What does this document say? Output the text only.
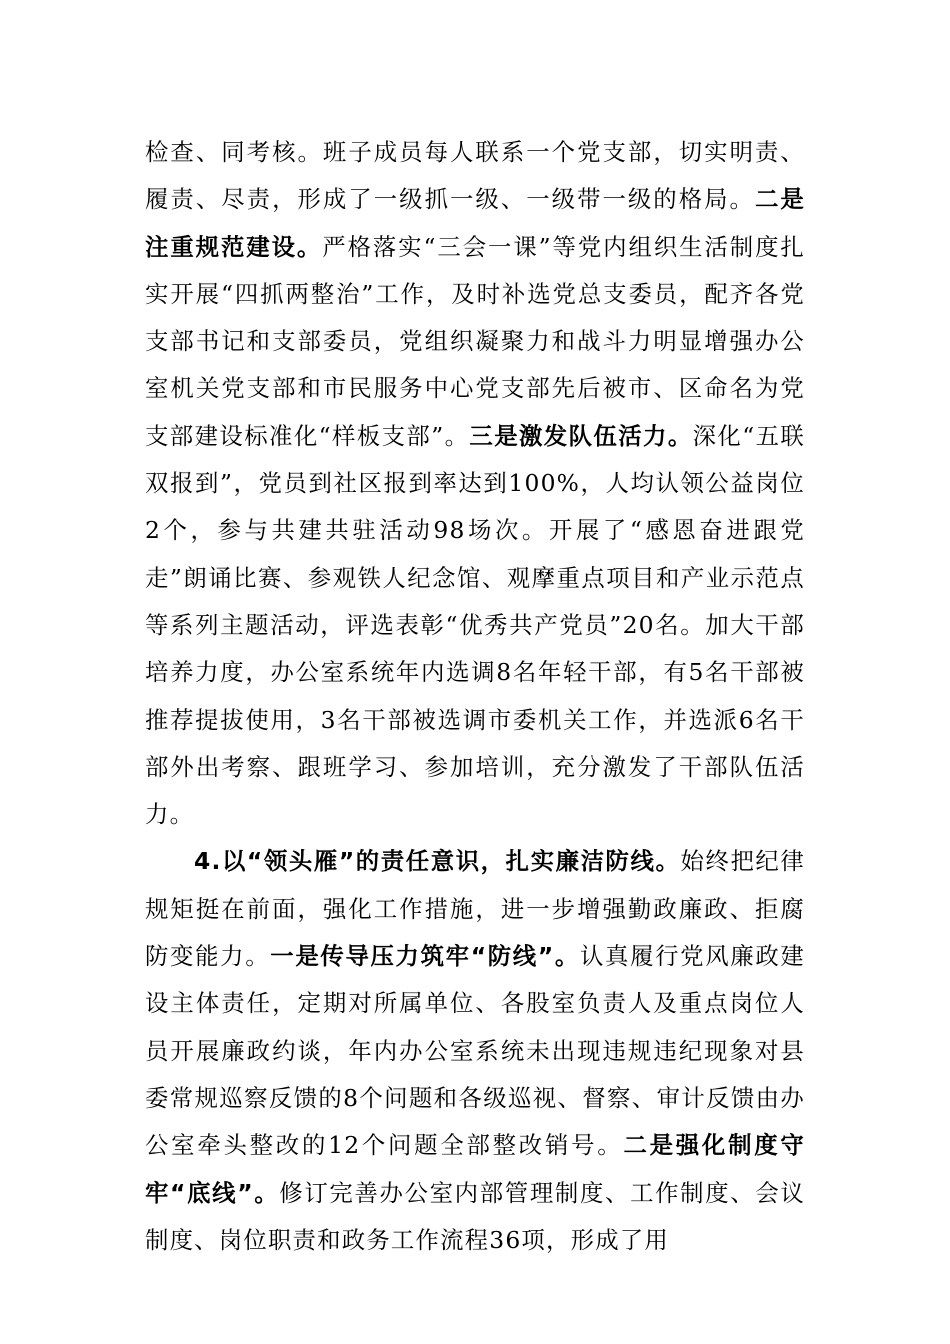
检查、同考核。班子成员每人联系一个党支部，切实明责、履责、尽责，形成了一级抓一级、一级带一级的格局。二是注重规范建设。严格落实“三会一课”等党内组织生活制度扎实开展“四抓两整治”工作，及时补选党总支委员，配齐各党支部书记和支部委员，党组织凝聚力和战斗力明显增强办公室机关党支部和市民服务中心党支部先后被市、区命名为党支部建设标准化“样板支部”。三是激发队伍活力。深化“五联双报到”，党员到社区报到率达到100%，人均认领公益岗位2个，参与共建共驻活动98场次。开展了“感恩奋进跟党走”朗诵比赛、参观铁人纪念馆、观摩重点项目和产业示范点等系列主题活动，评选表彰“优秀共产党员”20名。加大干部培养力度，办公室系统年内选调8名年轻干部，有5名干部被推荐提拔使用，3名干部被选调市委机关工作，并选派6名干部外出考察、跟班学习、参加培训，充分激发了干部队伍活力。

4.以“领头雁”的责任意识，扎实廉洁防线。始终把纪律规矩挺在前面，强化工作措施，进一步增强勤政廉政、拒腐防变能力。一是传导压力筑牢“防线”。认真履行党风廉政建设主体责任，定期对所属单位、各股室负责人及重点岗位人员开展廉政约谈，年内办公室系统未出现违规违纪现象对县委常规巡察反馈的8个问题和各级巡视、督察、审计反馈由办公室牵头整改的12个问题全部整改销号。二是强化制度守牢“底线”。修订完善办公室内部管理制度、工作制度、会议制度、岗位职责和政务工作流程36项，形成了用
